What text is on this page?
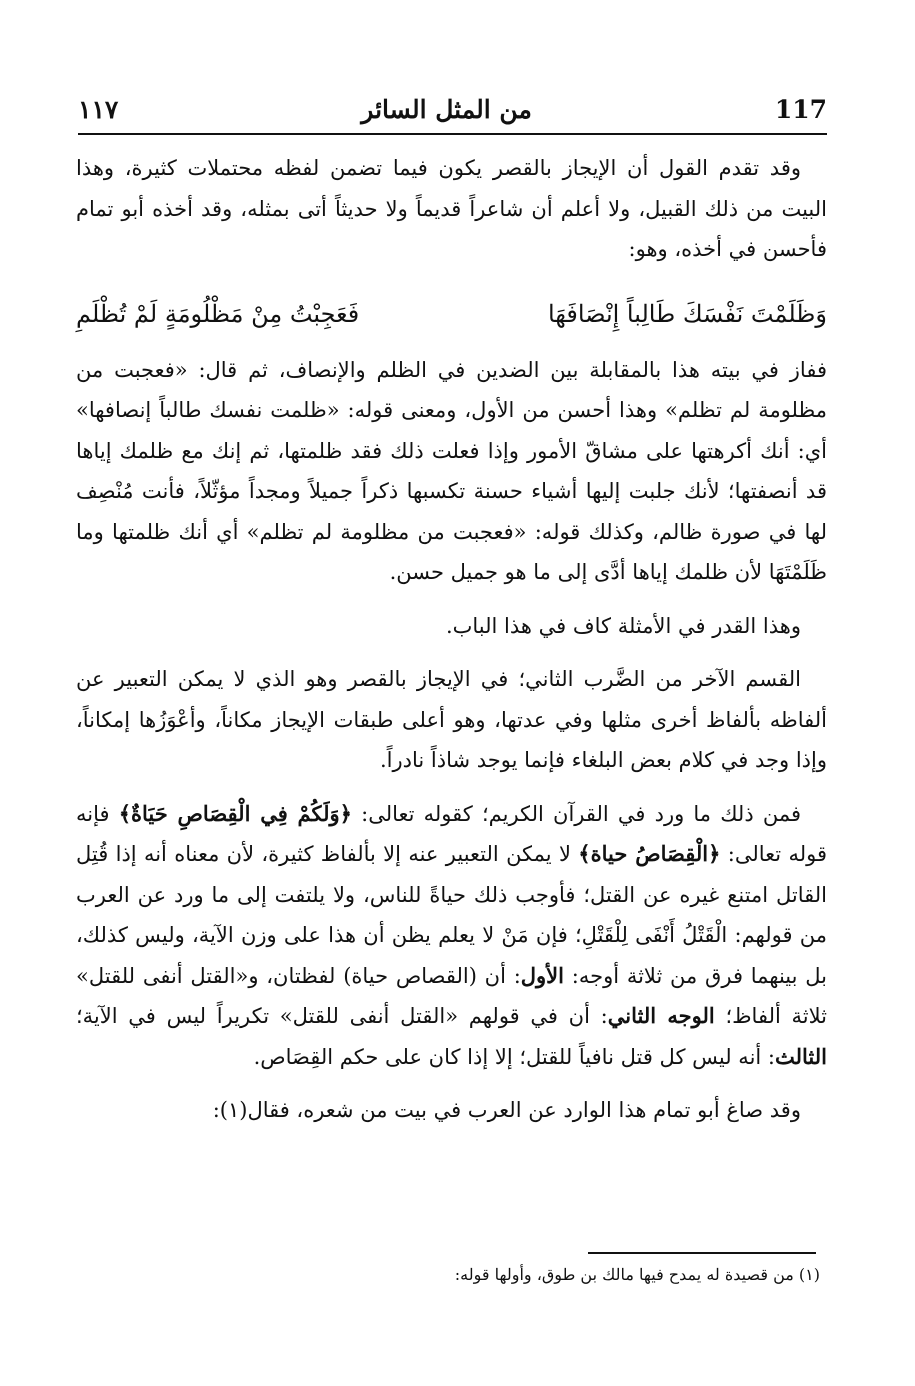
117
من المثل السائر
١١٧

وقد تقدم القول أن الإيجاز بالقصر يكون فيما تضمن لفظه محتملات كثيرة، وهذا البيت من ذلك القبيل، ولا أعلم أن شاعراً قديماً ولا حديثاً أتى بمثله، وقد أخذه أبو تمام فأحسن في أخذه، وهو:

وَظَلَمْتَ نَفْسَكَ طَالِباً إِنْصَافَهَا
فَعَجِبْتُ مِنْ مَظْلُومَةٍ لَمْ تُظْلَمِ

ففاز في بيته هذا بالمقابلة بين الضدين في الظلم والإنصاف، ثم قال: «فعجبت من مظلومة لم تظلم» وهذا أحسن من الأول، ومعنى قوله: «ظلمت نفسك طالباً إنصافها» أي: أنك أكرهتها على مشاقّ الأمور وإذا فعلت ذلك فقد ظلمتها، ثم إنك مع ظلمك إياها قد أنصفتها؛ لأنك جلبت إليها أشياء حسنة تكسبها ذكراً جميلاً ومجداً مؤثّلاً، فأنت مُنْصِف لها في صورة ظالم، وكذلك قوله: «فعجبت من مظلومة لم تظلم» أي أنك ظلمتها وما ظَلَمْتَهَا لأن ظلمك إياها أدَّى إلى ما هو جميل حسن.

وهذا القدر في الأمثلة كاف في هذا الباب.

القسم الآخر من الضَّرب الثاني؛ في الإيجاز بالقصر وهو الذي لا يمكن التعبير عن ألفاظه بألفاظ أخرى مثلها وفي عدتها، وهو أعلى طبقات الإيجاز مكاناً، وأعْوَزُها إمكاناً، وإذا وجد في كلام بعض البلغاء فإنما يوجد شاذاً نادراً.

فمن ذلك ما ورد في القرآن الكريم؛ كقوله تعالى: ﴿وَلَكُمْ فِي الْقِصَاصِ حَيَاةٌ﴾ فإنه قوله تعالى: ﴿الْقِصَاصُ حياة﴾ لا يمكن التعبير عنه إلا بألفاظ كثيرة، لأن معناه أنه إذا قُتِل القاتل امتنع غيره عن القتل؛ فأوجب ذلك حياةً للناس، ولا يلتفت إلى ما ورد عن العرب من قولهم: الْقَتْلُ أَنْفَى لِلْقَتْلِ؛ فإن مَنْ لا يعلم يظن أن هذا على وزن الآية، وليس كذلك، بل بينهما فرق من ثلاثة أوجه: الأول: أن (القصاص حياة) لفظتان، و«القتل أنفى للقتل» ثلاثة ألفاظ؛ الوجه الثاني: أن في قولهم «القتل أنفى للقتل» تكريراً ليس في الآية؛ الثالث: أنه ليس كل قتل نافياً للقتل؛ إلا إذا كان على حكم القِصَاص.

وقد صاغ أبو تمام هذا الوارد عن العرب في بيت من شعره، فقال(١):

(١) من قصيدة له يمدح فيها مالك بن طوق، وأولها قوله:
